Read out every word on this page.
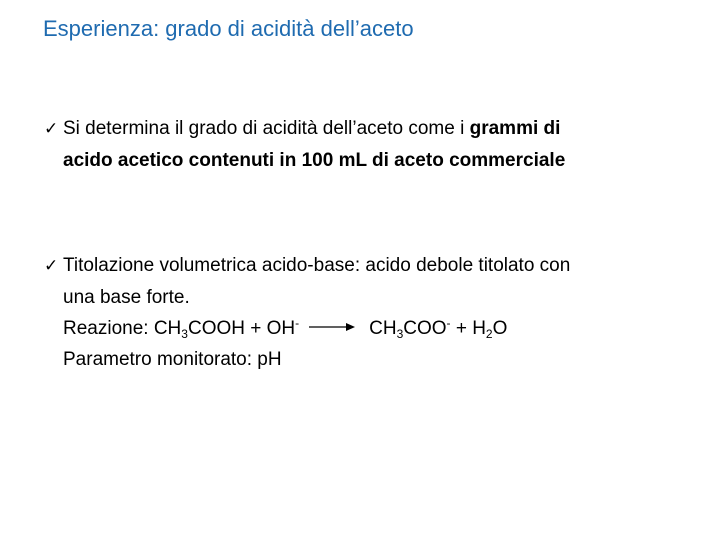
Esperienza: grado di acidità dell’aceto
✓ Si determina il grado di acidità dell’aceto come i grammi di
acido acetico contenuti in 100 mL di aceto commerciale
✓ Titolazione volumetrica acido-base: acido debole titolato con
una base forte.
Reazione: $CH_3COOH + OH^- \to CH_3COO^- + H_2O$
Parametro monitorato: pH
